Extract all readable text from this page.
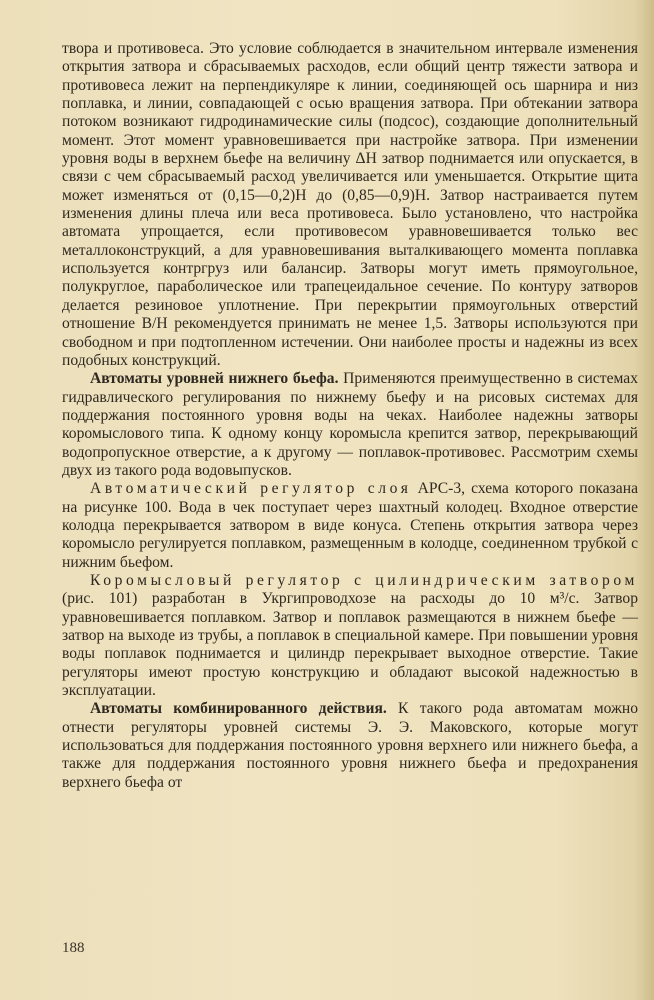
твора и противовеса. Это условие соблюдается в значительном интервале изменения открытия затвора и сбрасываемых расходов, если общий центр тяжести затвора и противовеса лежит на перпендикуляре к линии, соединяющей ось шарнира и низ поплавка, и линии, совпадающей с осью вращения затвора. При обтекании затвора потоком возникают гидродинамические силы (подсос), создающие дополнительный момент. Этот момент уравновешивается при настройке затвора. При изменении уровня воды в верхнем бьефе на величину ΔH затвор поднимается или опускается, в связи с чем сбрасываемый расход увеличивается или уменьшается. Открытие щита может изменяться от (0,15—0,2)H до (0,85—0,9)H. Затвор настраивается путем изменения длины плеча или веса противовеса. Было установлено, что настройка автомата упрощается, если противовесом уравновешивается только вес металлоконструкций, а для уравновешивания выталкивающего момента поплавка используется контргруз или балансир. Затворы могут иметь прямоугольное, полукруглое, параболическое или трапецеидальное сечение. По контуру затворов делается резиновое уплотнение. При перекрытии прямоугольных отверстий отношение B/H рекомендуется принимать не менее 1,5. Затворы используются при свободном и при подтопленном истечении. Они наиболее просты и надежны из всех подобных конструкций.

Автоматы уровней нижнего бьефа. Применяются преимущественно в системах гидравлического регулирования по нижнему бьефу и на рисовых системах для поддержания постоянного уровня воды на чеках. Наиболее надежны затворы коромыслового типа. К одному концу коромысла крепится затвор, перекрывающий водопропускное отверстие, а к другому — поплавок-противовес. Рассмотрим схемы двух из такого рода водовыпусков.

Автоматический регулятор слоя АРС-3, схема которого показана на рисунке 100. Вода в чек поступает через шахтный колодец. Входное отверстие колодца перекрывается затвором в виде конуса. Степень открытия затвора через коромысло регулируется поплавком, размещенным в колодце, соединенном трубкой с нижним бьефом.

Коромысловый регулятор с цилиндрическим затвором (рис. 101) разработан в Укргипроводхозе на расходы до 10 м³/с. Затвор уравновешивается поплавком. Затвор и поплавок размещаются в нижнем бьефе — затвор на выходе из трубы, а поплавок в специальной камере. При повышении уровня воды поплавок поднимается и цилиндр перекрывает выходное отверстие. Такие регуляторы имеют простую конструкцию и обладают высокой надежностью в эксплуатации.

Автоматы комбинированного действия. К такого рода автоматам можно отнести регуляторы уровней системы Э. Э. Маковского, которые могут использоваться для поддержания постоянного уровня верхнего или нижнего бьефа, а также для поддержания постоянного уровня нижнего бьефа и предохранения верхнего бьефа от

188
